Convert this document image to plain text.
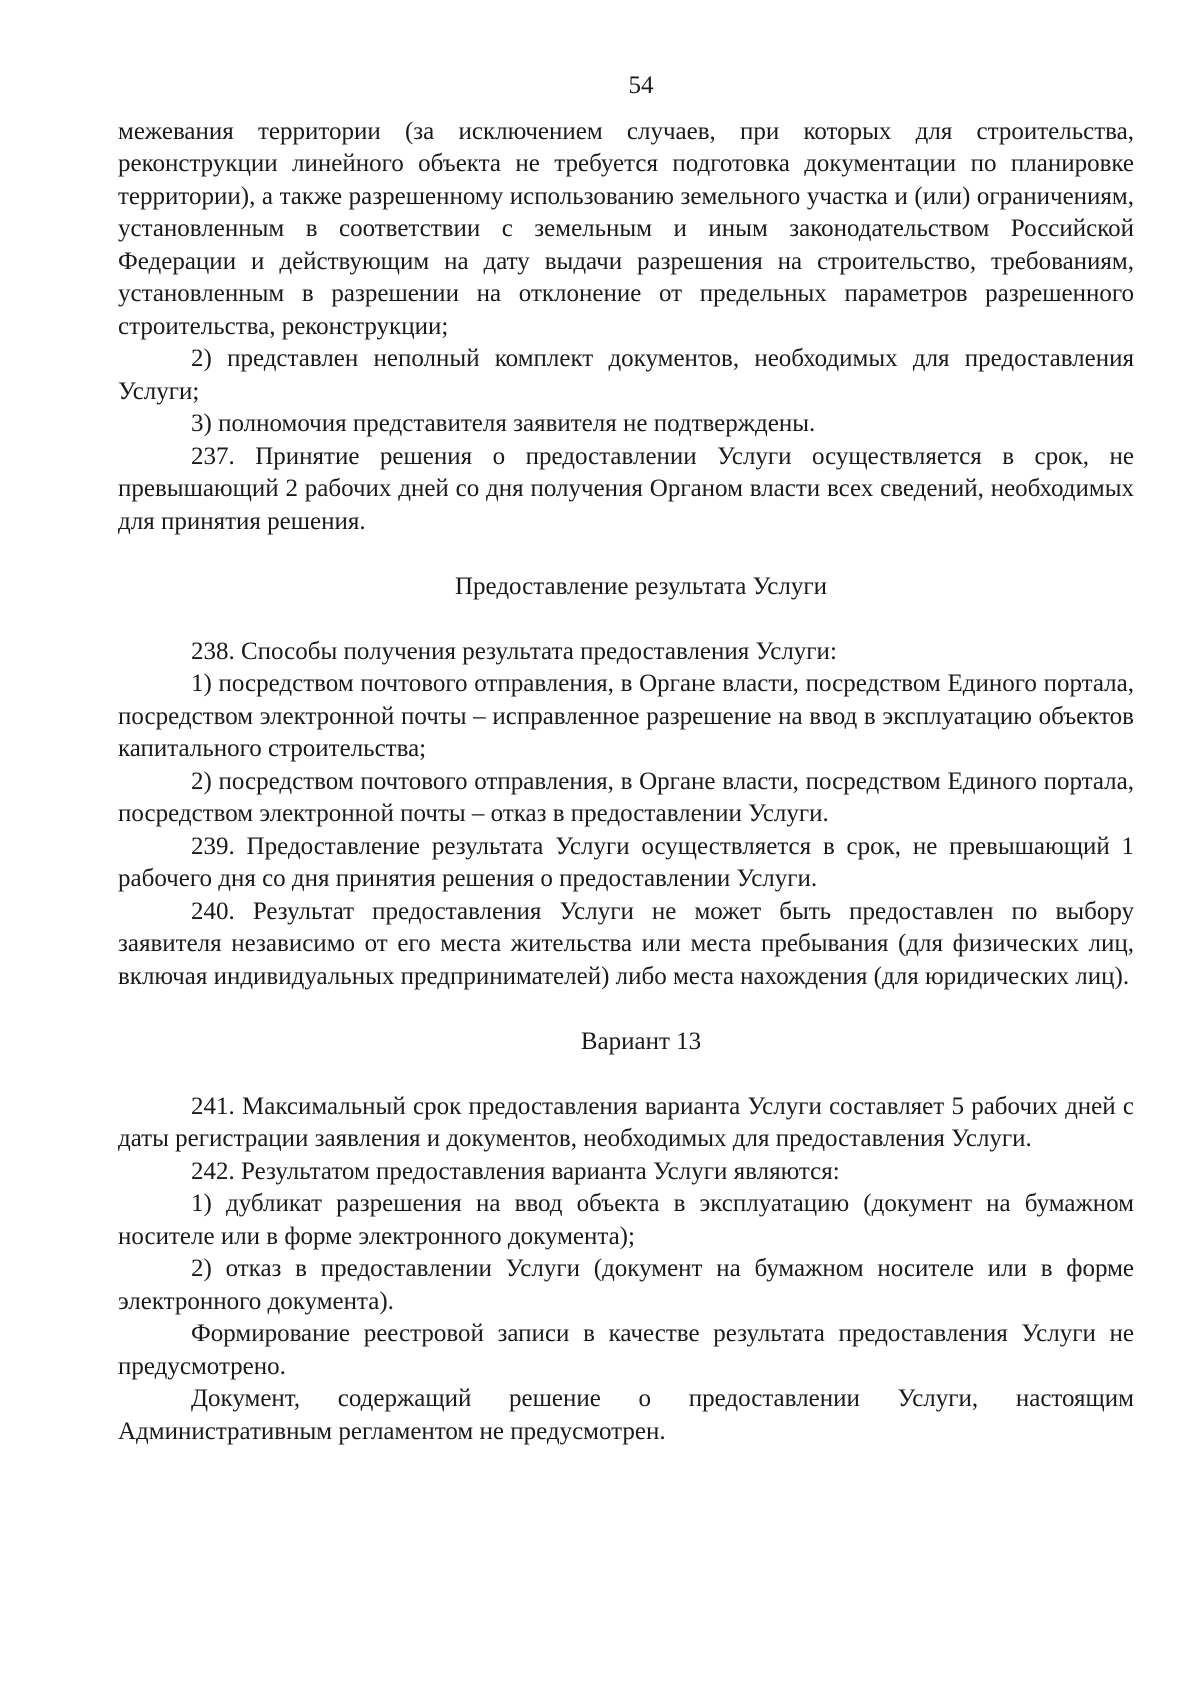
54

межевания территории (за исключением случаев, при которых для строительства, реконструкции линейного объекта не требуется подготовка документации по планировке территории), а также разрешенному использованию земельного участка и (или) ограничениям, установленным в соответствии с земельным и иным законодательством Российской Федерации и действующим на дату выдачи разрешения на строительство, требованиям, установленным в разрешении на отклонение от предельных параметров разрешенного строительства, реконструкции;

2) представлен неполный комплект документов, необходимых для предоставления Услуги;

3) полномочия представителя заявителя не подтверждены.

237. Принятие решения о предоставлении Услуги осуществляется в срок, не превышающий 2 рабочих дней со дня получения Органом власти всех сведений, необходимых для принятия решения.

Предоставление результата Услуги

238. Способы получения результата предоставления Услуги:

1) посредством почтового отправления, в Органе власти, посредством Единого портала, посредством электронной почты – исправленное разрешение на ввод в эксплуатацию объектов капитального строительства;

2) посредством почтового отправления, в Органе власти, посредством Единого портала, посредством электронной почты – отказ в предоставлении Услуги.

239. Предоставление результата Услуги осуществляется в срок, не превышающий 1 рабочего дня со дня принятия решения о предоставлении Услуги.

240. Результат предоставления Услуги не может быть предоставлен по выбору заявителя независимо от его места жительства или места пребывания (для физических лиц, включая индивидуальных предпринимателей) либо места нахождения (для юридических лиц).

Вариант 13

241. Максимальный срок предоставления варианта Услуги составляет 5 рабочих дней с даты регистрации заявления и документов, необходимых для предоставления Услуги.

242. Результатом предоставления варианта Услуги являются:

1) дубликат разрешения на ввод объекта в эксплуатацию (документ на бумажном носителе или в форме электронного документа);

2) отказ в предоставлении Услуги (документ на бумажном носителе или в форме электронного документа).

Формирование реестровой записи в качестве результата предоставления Услуги не предусмотрено.

Документ, содержащий решение о предоставлении Услуги, настоящим Административным регламентом не предусмотрен.
